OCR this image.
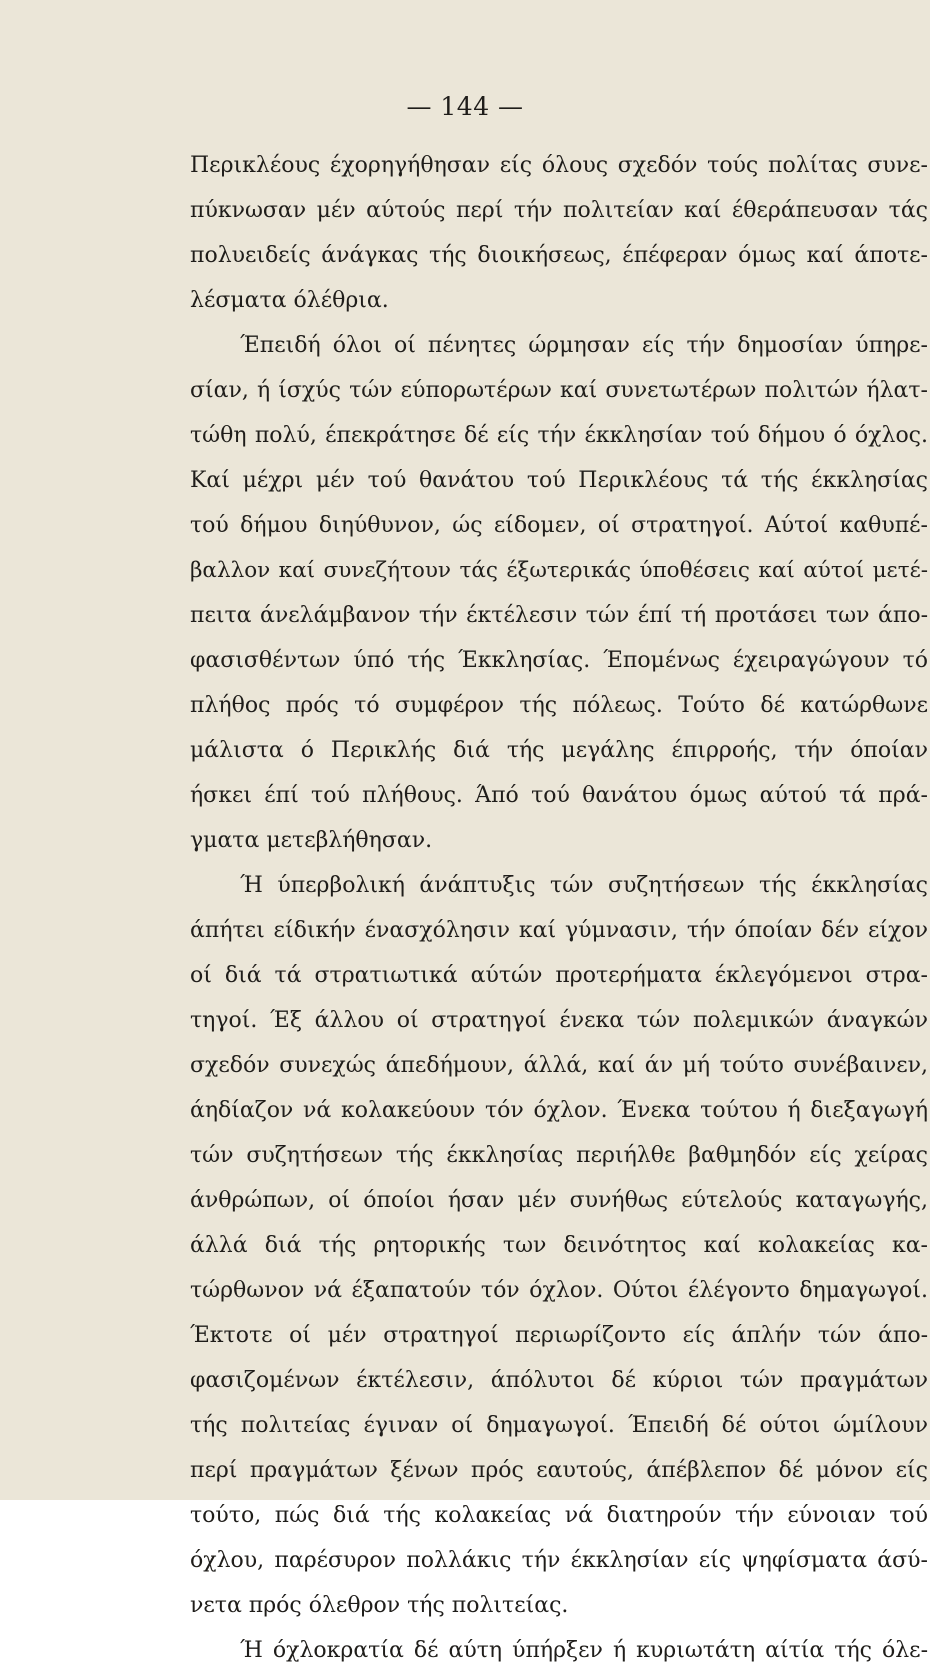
— 144 —
Περικλέους έχορηγήθησαν είς όλους σχεδόν τούς πολίτας συνε-
πύκνωσαν μέν αύτούς περί τήν πολιτείαν καί έθεράπευσαν τάς
πολυειδείς άνάγκας τής διοικήσεως, έπέφεραν όμως καί άποτε-
λέσματα όλέθρια.
Έπειδή όλοι οί πένητες ώρμησαν είς τήν δημοσίαν ύπηρε-
σίαν, ή ίσχύς τών εύπορωτέρων καί συνετωτέρων πολιτών ήλατ-
τώθη πολύ, έπεκράτησε δέ είς τήν έκκλησίαν τού δήμου ό όχλος.
Καί μέχρι μέν τού θανάτου τού Περικλέους τά τής έκκλησίας
τού δήμου διηύθυνον, ώς είδομεν, οί στρατηγοί. Αύτοί καθυπέ-
βαλλον καί συνεζήτουν τάς έξωτερικάς ύποθέσεις καί αύτοί μετέ-
πειτα άνελάμβανον τήν έκτέλεσιν τών έπί τή προτάσει των άπο-
φασισθέντων ύπό τής Έκκλησίας. Έπομένως έχειραγώγουν τό
πλήθος πρός τό συμφέρον τής πόλεως. Τούτο δέ κατώρθωνε
μάλιστα ό Περικλής διά τής μεγάλης έπιρροής, τήν όποίαν
ήσκει έπί τού πλήθους. Άπό τού θανάτου όμως αύτού τά πρά-
γματα μετεβλήθησαν.
Ή ύπερβολική άνάπτυξις τών συζητήσεων τής έκκλησίας
άπήτει είδικήν ένασχόλησιν καί γύμνασιν, τήν όποίαν δέν είχον
οί διά τά στρατιωτικά αύτών προτερήματα έκλεγόμενοι στρα-
τηγοί. Έξ άλλου οί στρατηγοί ένεκα τών πολεμικών άναγκών
σχεδόν συνεχώς άπεδήμουν, άλλά, καί άν μή τούτο συνέβαινεν,
άηδίαζον νά κολακεύουν τόν όχλον. Ένεκα τούτου ή διεξαγωγή
τών συζητήσεων τής έκκλησίας περιήλθε βαθμηδόν είς χείρας
άνθρώπων, οί όποίοι ήσαν μέν συνήθως εύτελούς καταγωγής,
άλλά διά τής ρητορικής των δεινότητος καί κολακείας κα-
τώρθωνον νά έξαπατούν τόν όχλον. Ούτοι έλέγοντο δημαγωγοί.
Έκτοτε οί μέν στρατηγοί περιωρίζοντο είς άπλήν τών άπο-
φασιζομένων έκτέλεσιν, άπόλυτοι δέ κύριοι τών πραγμάτων
τής πολιτείας έγιναν οί δημαγωγοί. Έπειδή δέ ούτοι ώμίλουν
περί πραγμάτων ξένων πρός εαυτούς, άπέβλεπον δέ μόνον είς
τούτο, πώς διά τής κολακείας νά διατηρούν τήν εύνοιαν τού
όχλου, παρέσυρον πολλάκις τήν έκκλησίαν είς ψηφίσματα άσύ-
νετα πρός όλεθρον τής πολιτείας.
Ή όχλοκρατία δέ αύτη ύπήρξεν ή κυριωτάτη αίτία τής όλε-
